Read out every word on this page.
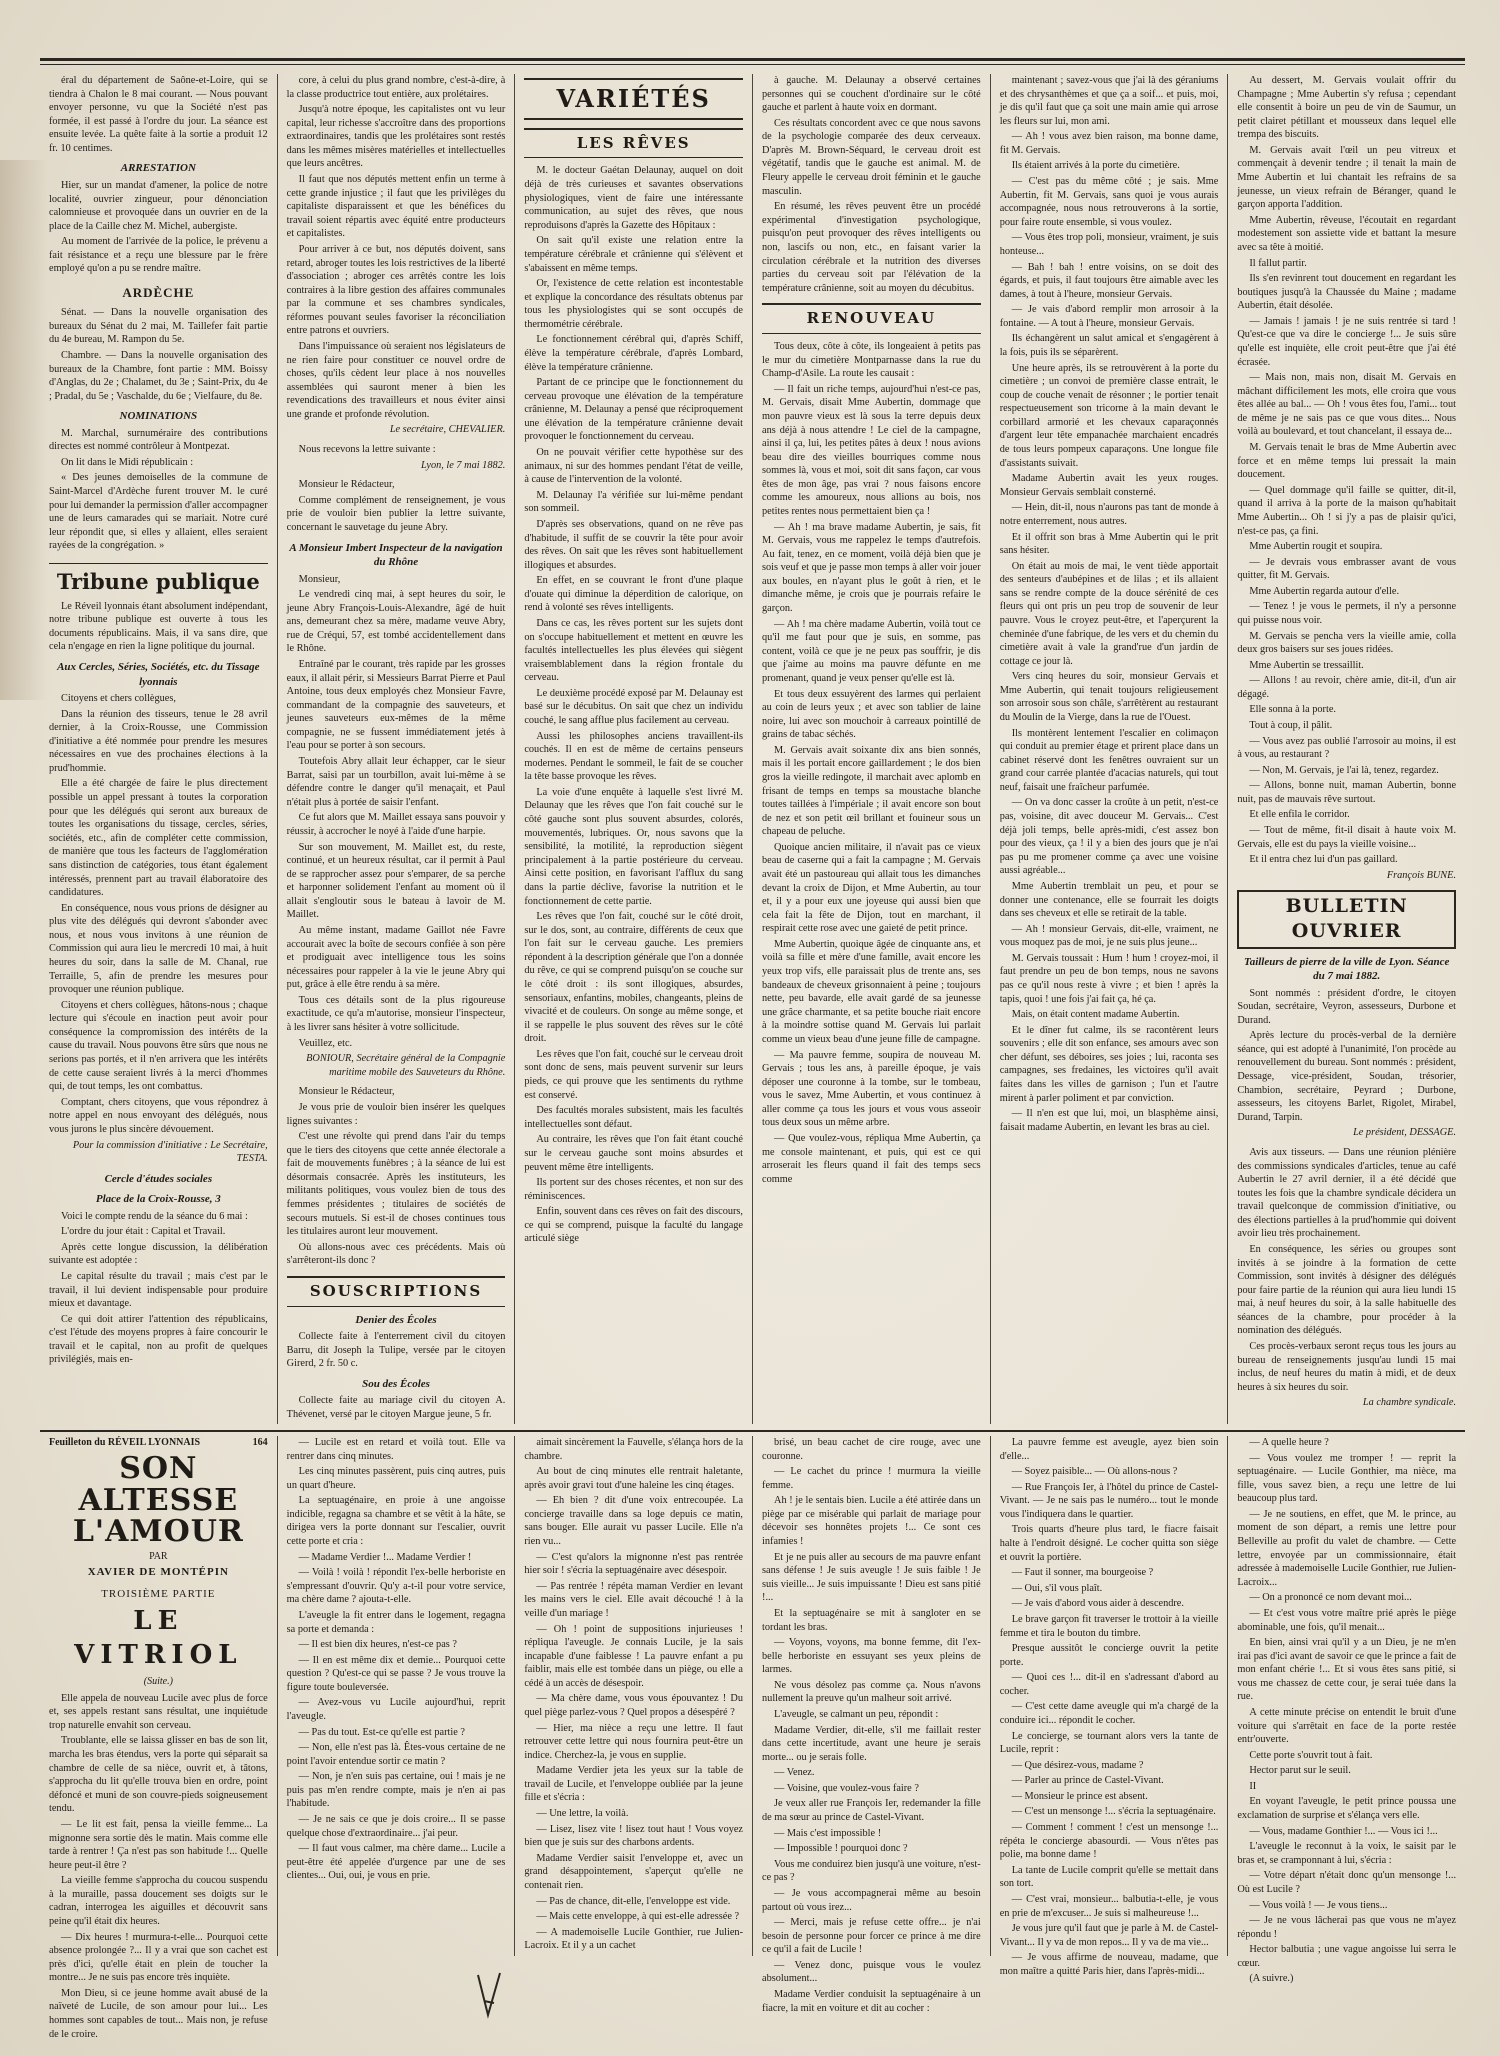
éral du département de Saône-et-Loire, qui se tiendra à Chalon le 8 mai courant. — Nous pouvant envoyer personne, vu que la Société n'est pas formée, il est passé à l'ordre du jour. La séance est ensuite levée. La quête faite à la sortie a produit 12 fr. 10 centimes.

ARRESTATION

Hier, sur un mandat d'amener, la police de notre localité, ouvrier zingueur, pour dénonciation calomnieuse et provoquée dans un ouvrier en de la place de la Caille chez M. Michel, aubergiste.

Au moment de l'arrivée de la police, le prévenu a fait résistance et a reçu une blessure par le frère employé qu'on a pu se rendre maître.

ARDÈCHE

Sénat. — Dans la nouvelle organisation des bureaux du Sénat du 2 mai, M. Taillefer fait partie du 4e bureau, M. Rampon du 5e.

Chambre. — Dans la nouvelle organisation des bureaux de la Chambre, font partie : MM. Boissy d'Anglas, du 2e ; Chalamet, du 3e ; Saint-Prix, du 4e ; Pradal, du 5e ; Vaschalde, du 6e ; Vielfaure, du 8e.

NOMINATIONS

M. Marchal, surnuméraire des contributions directes est nommé contrôleur à Montpezat.

On lit dans le Midi républicain :

« Des jeunes demoiselles de la commune de Saint-Marcel d'Ardèche furent trouver M. le curé pour lui demander la permission d'aller accompagner une de leurs camarades qui se mariait. Notre curé leur répondit que, si elles y allaient, elles seraient rayées de la congrégation. »

Tribune publique

Le Réveil lyonnais étant absolument indépendant, notre tribune publique est ouverte à tous les documents républicains. Mais, il va sans dire, que cela n'engage en rien la ligne politique du journal.

Aux Cercles, Séries, Sociétés, etc. du Tissage lyonnais

Citoyens et chers collègues,

Dans la réunion des tisseurs, tenue le 28 avril dernier, à la Croix-Rousse, une Commission d'initiative a été nommée pour prendre les mesures nécessaires en vue des prochaines élections à la prud'hommie.

Elle a été chargée de faire le plus directement possible un appel pressant à toutes la corporation pour que les délégués qui seront aux bureaux de toutes les organisations du tissage, cercles, séries, sociétés, etc., afin de compléter cette commission, de manière que tous les facteurs de l'agglomération sans distinction de catégories, tous étant également intéressés, prennent part au travail élaboratoire des candidatures.

En conséquence, nous vous prions de désigner au plus vite des délégués qui devront s'abonder avec nous, et nous vous invitons à une réunion de Commission qui aura lieu le mercredi 10 mai, à huit heures du soir, dans la salle de M. Chanal, rue Terraille, 5, afin de prendre les mesures pour provoquer une réunion publique.

Citoyens et chers collègues, hâtons-nous ; chaque lecture qui s'écoule en inaction peut avoir pour conséquence la compromission des intérêts de la cause du travail. Nous pouvons être sûrs que nous ne serions pas portés, et il n'en arrivera que les intérêts de cette cause seraient livrés à la merci d'hommes qui, de tout temps, les ont combattus.

Comptant, chers citoyens, que vous répondrez à notre appel en nous envoyant des délégués, nous vous jurons le plus sincère dévouement.

Pour la commission d'initiative : Le Secrétaire, TESTA.
Cercle d'études sociales
Place de la Croix-Rousse, 3

Voici le compte rendu de la séance du 6 mai :

L'ordre du jour était : Capital et Travail.

Après cette longue discussion, la délibération suivante est adoptée :

Le capital résulte du travail ; mais c'est par le travail, il lui devient indispensable pour produire mieux et davantage.

Ce qui doit attirer l'attention des républicains, c'est l'étude des moyens propres à faire concourir le travail et le capital, non au profit de quelques privilégiés, mais en-

core, à celui du plus grand nombre, c'est-à-dire, à la classe productrice tout entière, aux prolétaires.

Jusqu'à notre époque, les capitalistes ont vu leur capital, leur richesse s'accroître dans des proportions extraordinaires, tandis que les prolétaires sont restés dans les mêmes misères matérielles et intellectuelles que leurs ancêtres.

Il faut que nos députés mettent enfin un terme à cette grande injustice ; il faut que les privilèges du capitaliste disparaissent et que les bénéfices du travail soient répartis avec équité entre producteurs et capitalistes.

Pour arriver à ce but, nos députés doivent, sans retard, abroger toutes les lois restrictives de la liberté d'association ; abroger ces arrêtés contre les lois contraires à la libre gestion des affaires communales par la commune et ses chambres syndicales, réformes pouvant seules favoriser la réconciliation entre patrons et ouvriers.

Dans l'impuissance où seraient nos législateurs de ne rien faire pour constituer ce nouvel ordre de choses, qu'ils cèdent leur place à nos nouvelles assemblées qui sauront mener à bien les revendications des travailleurs et nous éviter ainsi une grande et profonde révolution.

Le secrétaire, CHEVALIER.

Nous recevons la lettre suivante :

Lyon, le 7 mai 1882.

Monsieur le Rédacteur,

Comme complément de renseignement, je vous prie de vouloir bien publier la lettre suivante, concernant le sauvetage du jeune Abry.

A Monsieur Imbert Inspecteur de la navigation du Rhône

Monsieur,

Le vendredi cinq mai, à sept heures du soir, le jeune Abry François-Louis-Alexandre, âgé de huit ans, demeurant chez sa mère, madame veuve Abry, rue de Créqui, 57, est tombé accidentellement dans le Rhône.

Entraîné par le courant, très rapide par les grosses eaux, il allait périr, si Messieurs Barrat Pierre et Paul Antoine, tous deux employés chez Monsieur Favre, commandant de la compagnie des sauveteurs, et jeunes sauveteurs eux-mêmes de la même compagnie, ne se fussent immédiatement jetés à l'eau pour se porter à son secours.

Toutefois Abry allait leur échapper, car le sieur Barrat, saisi par un tourbillon, avait lui-même à se défendre contre le danger qu'il menaçait, et Paul n'était plus à portée de saisir l'enfant.

Ce fut alors que M. Maillet essaya sans pouvoir y réussir, à accrocher le noyé à l'aide d'une harpie.

Sur son mouvement, M. Maillet est, du reste, continué, et un heureux résultat, car il permit à Paul de se rapprocher assez pour s'emparer, de sa perche et harponner solidement l'enfant au moment où il allait s'engloutir sous le bateau à lavoir de M. Maillet.

Au même instant, madame Gaillot née Favre accourait avec la boîte de secours confiée à son père et prodiguait avec intelligence tous les soins nécessaires pour rappeler à la vie le jeune Abry qui put, grâce à elle être rendu à sa mère.

Tous ces détails sont de la plus rigoureuse exactitude, ce qu'a m'autorise, monsieur l'inspecteur, à les livrer sans hésiter à votre sollicitude.

Veuillez, etc.

BONIOUR, Secrétaire général de la Compagnie maritime mobile des Sauveteurs du Rhône.

Monsieur le Rédacteur,

Je vous prie de vouloir bien insérer les quelques lignes suivantes :

C'est une révolte qui prend dans l'air du temps que le tiers des citoyens que cette année électorale a fait de mouvements funèbres ; à la séance de lui est désormais consacrée. Après les instituteurs, les militants politiques, vous voulez bien de tous des femmes présidentes ; titulaires de sociétés de secours mutuels. Si est-il de choses continues tous les titulaires auront leur mouvement.

Où allons-nous avec ces précédents. Mais où s'arrêteront-ils donc ?

SOUSCRIPTIONS
Denier des Écoles

Collecte faite à l'enterrement civil du citoyen Barru, dit Joseph la Tulipe, versée par le citoyen Girerd, 2 fr. 50 c.

Sou des Écoles

Collecte faite au mariage civil du citoyen A. Thévenet, versé par le citoyen Margue jeune, 5 fr.

VARIÉTÉS
LES RÊVES

M. le docteur Gaétan Delaunay, auquel on doit déjà de très curieuses et savantes observations physiologiques, vient de faire une intéressante communication, au sujet des rêves, que nous reproduisons d'après la Gazette des Hôpitaux :

On sait qu'il existe une relation entre la température cérébrale et crânienne qui s'élèvent et s'abaissent en même temps.

Or, l'existence de cette relation est incontestable et explique la concordance des résultats obtenus par tous les physiologistes qui se sont occupés de thermométrie cérébrale.

Le fonctionnement cérébral qui, d'après Schiff, élève la température cérébrale, d'après Lombard, élève la température crânienne.

Partant de ce principe que le fonctionnement du cerveau provoque une élévation de la température crânienne, M. Delaunay a pensé que réciproquement une élévation de la température crânienne devait provoquer le fonctionnement du cerveau.

On ne pouvait vérifier cette hypothèse sur des animaux, ni sur des hommes pendant l'état de veille, à cause de l'intervention de la volonté.

M. Delaunay l'a vérifiée sur lui-même pendant son sommeil.

D'après ses observations, quand on ne rêve pas d'habitude, il suffit de se couvrir la tête pour avoir des rêves. On sait que les rêves sont habituellement illogiques et absurdes.

En effet, en se couvrant le front d'une plaque d'ouate qui diminue la déperdition de calorique, on rend à volonté ses rêves intelligents.

Dans ce cas, les rêves portent sur les sujets dont on s'occupe habituellement et mettent en œuvre les facultés intellectuelles les plus élevées qui siègent vraisemblablement dans la région frontale du cerveau.

Le deuxième procédé exposé par M. Delaunay est basé sur le décubitus. On sait que chez un individu couché, le sang afflue plus facilement au cerveau.

Aussi les philosophes anciens travaillent-ils couchés. Il en est de même de certains penseurs modernes. Pendant le sommeil, le fait de se coucher la tête basse provoque les rêves.

La voie d'une enquête à laquelle s'est livré M. Delaunay que les rêves que l'on fait couché sur le côté gauche sont plus souvent absurdes, colorés, mouvementés, lubriques. Or, nous savons que la sensibilité, la motilité, la reproduction siègent principalement à la partie postérieure du cerveau. Ainsi cette position, en favorisant l'afflux du sang dans la partie déclive, favorise la nutrition et le fonctionnement de cette partie.

Les rêves que l'on fait, couché sur le côté droit, sur le dos, sont, au contraire, différents de ceux que l'on fait sur le cerveau gauche. Les premiers répondent à la description générale que l'on a donnée du rêve, ce qui se comprend puisqu'on se couche sur le côté droit : ils sont illogiques, absurdes, sensoriaux, enfantins, mobiles, changeants, pleins de vivacité et de couleurs. On songe au même songe, et il se rappelle le plus souvent des rêves sur le côté droit.

Les rêves que l'on fait, couché sur le cerveau droit sont donc de sens, mais peuvent survenir sur leurs pieds, ce qui prouve que les sentiments du rythme est conservé.

Des facultés morales subsistent, mais les facultés intellectuelles sont défaut.

Au contraire, les rêves que l'on fait étant couché sur le cerveau gauche sont moins absurdes et peuvent même être intelligents.

Ils portent sur des choses récentes, et non sur des réminiscences.

Enfin, souvent dans ces rêves on fait des discours, ce qui se comprend, puisque la faculté du langage articulé siège

à gauche. M. Delaunay a observé certaines personnes qui se couchent d'ordinaire sur le côté gauche et parlent à haute voix en dormant.

Ces résultats concordent avec ce que nous savons de la psychologie comparée des deux cerveaux. D'après M. Brown-Séquard, le cerveau droit est végétatif, tandis que le gauche est animal. M. de Fleury appelle le cerveau droit féminin et le gauche masculin.

En résumé, les rêves peuvent être un procédé expérimental d'investigation psychologique, puisqu'on peut provoquer des rêves intelligents ou non, lascifs ou non, etc., en faisant varier la circulation cérébrale et la nutrition des diverses parties du cerveau soit par l'élévation de la température crânienne, soit au moyen du décubitus.

RENOUVEAU

Tous deux, côte à côte, ils longeaient à petits pas le mur du cimetière Montparnasse dans la rue du Champ-d'Asile. La route les causait :

— Il fait un riche temps, aujourd'hui n'est-ce pas, M. Gervais, disait Mme Aubertin, dommage que mon pauvre vieux est là sous la terre depuis deux ans déjà à nous attendre ! Le ciel de la campagne, ainsi il ça, lui, les petites pâtes à deux ! nous avions beau dire des vieilles bourriques comme nous sommes là, vous et moi, soit dit sans façon, car vous êtes de mon âge, pas vrai ? nous faisons encore comme les amoureux, nous allions au bois, nos petites rentes nous permettaient bien ça !

— Ah ! ma brave madame Aubertin, je sais, fit M. Gervais, vous me rappelez le temps d'autrefois. Au fait, tenez, en ce moment, voilà déjà bien que je sois veuf et que je passe mon temps à aller voir jouer aux boules, en n'ayant plus le goût à rien, et le dimanche même, je crois que je pourrais refaire le garçon.

— Ah ! ma chère madame Aubertin, voilà tout ce qu'il me faut pour que je suis, en somme, pas content, voilà ce que je ne peux pas souffrir, je dis que j'aime au moins ma pauvre défunte en me promenant, quand je veux penser qu'elle est là.

Et tous deux essuyèrent des larmes qui perlaient au coin de leurs yeux ; et avec son tablier de laine noire, lui avec son mouchoir à carreaux pointillé de grains de tabac séchés.

M. Gervais avait soixante dix ans bien sonnés, mais il les portait encore gaillardement ; le dos bien gros la vieille redingote, il marchait avec aplomb en frisant de temps en temps sa moustache blanche toutes taillées à l'impériale ; il avait encore son bout de nez et son petit œil brillant et fouineur sous un chapeau de peluche.

Quoique ancien militaire, il n'avait pas ce vieux beau de caserne qui a fait la campagne ; M. Gervais avait été un pastoureau qui allait tous les dimanches devant la croix de Dijon, et Mme Aubertin, au tour et, il y a pour eux une joyeuse qui aussi bien que cela fait la fête de Dijon, tout en marchant, il respirait cette rose avec une gaieté de petit prince.

Mme Aubertin, quoique âgée de cinquante ans, et voilà sa fille et mère d'une famille, avait encore les yeux trop vifs, elle paraissait plus de trente ans, ses bandeaux de cheveux grisonnaient à peine ; toujours nette, peu bavarde, elle avait gardé de sa jeunesse une grâce charmante, et sa petite bouche riait encore à la moindre sottise quand M. Gervais lui parlait comme un vieux beau d'une jeune fille de campagne.

— Ma pauvre femme, soupira de nouveau M. Gervais ; tous les ans, à pareille époque, je vais déposer une couronne à la tombe, sur le tombeau, vous le savez, Mme Aubertin, et vous continuez à aller comme ça tous les jours et vous vous asseoir tous deux sous un même arbre.

— Que voulez-vous, répliqua Mme Aubertin, ça me console maintenant, et puis, qui est ce qui arroserait les fleurs quand il fait des temps secs comme

maintenant ; savez-vous que j'ai là des géraniums et des chrysanthèmes et que ça a soif... et puis, moi, je dis qu'il faut que ça soit une main amie qui arrose les fleurs sur lui, mon ami.

— Ah ! vous avez bien raison, ma bonne dame, fit M. Gervais.

Ils étaient arrivés à la porte du cimetière.

— C'est pas du même côté ; je sais. Mme Aubertin, fit M. Gervais, sans quoi je vous aurais accompagnée, nous nous retrouverons à la sortie, pour faire route ensemble, si vous voulez.

— Vous êtes trop poli, monsieur, vraiment, je suis honteuse...

— Bah ! bah ! entre voisins, on se doit des égards, et puis, il faut toujours être aimable avec les dames, à tout à l'heure, monsieur Gervais.

— Je vais d'abord remplir mon arrosoir à la fontaine. — A tout à l'heure, monsieur Gervais.

Ils échangèrent un salut amical et s'engagèrent à la fois, puis ils se séparèrent.

Une heure après, ils se retrouvèrent à la porte du cimetière ; un convoi de première classe entrait, le coup de couche venait de résonner ; le portier tenait respectueusement son tricorne à la main devant le corbillard armorié et les chevaux caparaçonnés d'argent leur tête empanachée marchaient encadrés de tous leurs pompeux caparaçons. Une longue file d'assistants suivait.

Madame Aubertin avait les yeux rouges. Monsieur Gervais semblait consterné.

— Hein, dit-il, nous n'aurons pas tant de monde à notre enterrement, nous autres.

Et il offrit son bras à Mme Aubertin qui le prit sans hésiter.

On était au mois de mai, le vent tiède apportait des senteurs d'aubépines et de lilas ; et ils allaient sans se rendre compte de la douce sérénité de ces fleurs qui ont pris un peu trop de souvenir de leur pauvre. Vous le croyez peut-être, et l'aperçurent la cheminée d'une fabrique, de les vers et du chemin du cimetière avait à vale la grand'rue d'un jardin de cottage ce jour là.

Vers cinq heures du soir, monsieur Gervais et Mme Aubertin, qui tenait toujours religieusement son arrosoir sous son châle, s'arrêtèrent au restaurant du Moulin de la Vierge, dans la rue de l'Ouest.

Ils montèrent lentement l'escalier en colimaçon qui conduit au premier étage et prirent place dans un cabinet réservé dont les fenêtres ouvraient sur un grand cour carrée plantée d'acacias naturels, qui tout neuf, faisait une fraîcheur parfumée.

— On va donc casser la croûte à un petit, n'est-ce pas, voisine, dit avec douceur M. Gervais... C'est déjà joli temps, belle après-midi, c'est assez bon pour des vieux, ça ! il y a bien des jours que je n'ai pas pu me promener comme ça avec une voisine aussi agréable...

Mme Aubertin tremblait un peu, et pour se donner une contenance, elle se fourrait les doigts dans ses cheveux et elle se retirait de la table.

— Ah ! monsieur Gervais, dit-elle, vraiment, ne vous moquez pas de moi, je ne suis plus jeune...

M. Gervais toussait : Hum ! hum ! croyez-moi, il faut prendre un peu de bon temps, nous ne savons pas ce qu'il nous reste à vivre ; et bien ! après la tapis, quoi ! une fois j'ai fait ça, hé ça.

Mais, on était content madame Aubertin.

Et le dîner fut calme, ils se racontèrent leurs souvenirs ; elle dit son enfance, ses amours avec son cher défunt, ses déboires, ses joies ; lui, raconta ses campagnes, ses fredaines, les victoires qu'il avait faites dans les villes de garnison ; l'un et l'autre mirent à parler poliment et par conviction.

— Il n'en est que lui, moi, un blasphème ainsi, faisait madame Aubertin, en levant les bras au ciel.

Au dessert, M. Gervais voulait offrir du Champagne ; Mme Aubertin s'y refusa ; cependant elle consentit à boire un peu de vin de Saumur, un petit clairet pétillant et mousseux dans lequel elle trempa des biscuits.

M. Gervais avait l'œil un peu vitreux et commençait à devenir tendre ; il tenait la main de Mme Aubertin et lui chantait les refrains de sa jeunesse, un vieux refrain de Béranger, quand le garçon apporta l'addition.

Mme Aubertin, rêveuse, l'écoutait en regardant modestement son assiette vide et battant la mesure avec sa tête à moitié.

Il fallut partir.

Ils s'en revinrent tout doucement en regardant les boutiques jusqu'à la Chaussée du Maine ; madame Aubertin, était désolée.

— Jamais ! jamais ! je ne suis rentrée si tard ! Qu'est-ce que va dire le concierge !... Je suis sûre qu'elle est inquiète, elle croit peut-être que j'ai été écrasée.

— Mais non, mais non, disait M. Gervais en mâchant difficilement les mots, elle croira que vous êtes allée au bal... — Oh ! vous êtes fou, l'ami... tout de même je ne sais pas ce que vous dites... Nous voilà au boulevard, et tout chancelant, il essaya de...

M. Gervais tenait le bras de Mme Aubertin avec force et en même temps lui pressait la main doucement.

— Quel dommage qu'il faille se quitter, dit-il, quand il arriva à la porte de la maison qu'habitait Mme Aubertin... Oh ! si j'y a pas de plaisir qu'ici, n'est-ce pas, ça fini.

Mme Aubertin rougit et soupira.

— Je devrais vous embrasser avant de vous quitter, fit M. Gervais.

Mme Aubertin regarda autour d'elle.

— Tenez ! je vous le permets, il n'y a personne qui puisse nous voir.

M. Gervais se pencha vers la vieille amie, colla deux gros baisers sur ses joues ridées.

Mme Aubertin se tressaillit.

— Allons ! au revoir, chère amie, dit-il, d'un air dégagé.

Elle sonna à la porte.

Tout à coup, il pâlit.

— Vous avez pas oublié l'arrosoir au moins, il est à vous, au restaurant ?

— Non, M. Gervais, je l'ai là, tenez, regardez.

— Allons, bonne nuit, maman Aubertin, bonne nuit, pas de mauvais rêve surtout.

Et elle enfila le corridor.

— Tout de même, fit-il disait à haute voix M. Gervais, elle est du pays la vieille voisine...

Et il entra chez lui d'un pas gaillard.

François BUNE.
BULLETIN OUVRIER
Tailleurs de pierre de la ville de Lyon. Séance du 7 mai 1882.

Sont nommés : président d'ordre, le citoyen Soudan, secrétaire, Veyron, assesseurs, Durbone et Durand.

Après lecture du procès-verbal de la dernière séance, qui est adopté à l'unanimité, l'on procède au renouvellement du bureau. Sont nommés : président, Dessage, vice-président, Soudan, trésorier, Chambion, secrétaire, Peyrard ; Durbone, assesseurs, les citoyens Barlet, Rigolet, Mirabel, Durand, Tarpin.

Le président, DESSAGE.

Avis aux tisseurs. — Dans une réunion plénière des commissions syndicales d'articles, tenue au café Aubertin le 27 avril dernier, il a été décidé que toutes les fois que la chambre syndicale décidera un travail quelconque de commission d'initiative, ou des élections partielles à la prud'hommie qui doivent avoir lieu très prochainement.

En conséquence, les séries ou groupes sont invités à se joindre à la formation de cette Commission, sont invités à désigner des délégués pour faire partie de la réunion qui aura lieu lundi 15 mai, à neuf heures du soir, à la salle habituelle des séances de la chambre, pour procéder à la nomination des délégués.

Ces procès-verbaux seront reçus tous les jours au bureau de renseignements jusqu'au lundi 15 mai inclus, de neuf heures du matin à midi, et de deux heures à six heures du soir.

La chambre syndicale.
Feuilleton du RÉVEIL LYONNAIS	164
SON ALTESSE L'AMOUR
PAR
XAVIER DE MONTÉPIN
TROISIÈME PARTIE
LE VITRIOL
(Suite.)

Elle appela de nouveau Lucile avec plus de force et, ses appels restant sans résultat, une inquiétude trop naturelle envahit son cerveau.

Troublante, elle se laissa glisser en bas de son lit, marcha les bras étendus, vers la porte qui séparait sa chambre de celle de sa nièce, ouvrit et, à tâtons, s'approcha du lit qu'elle trouva bien en ordre, point défoncé et muni de son couvre-pieds soigneusement tendu.

— Le lit est fait, pensa la vieille femme... La mignonne sera sortie dès le matin. Mais comme elle tarde à rentrer ! Ça n'est pas son habitude !... Quelle heure peut-il être ?

La vieille femme s'approcha du coucou suspendu à la muraille, passa doucement ses doigts sur le cadran, interrogea les aiguilles et découvrit sans peine qu'il était dix heures.

— Dix heures ! murmura-t-elle... Pourquoi cette absence prolongée ?... Il y a vrai que son cachet est près d'ici, qu'elle était en plein de toucher la montre... Je ne suis pas encore très inquiète.

Mon Dieu, si ce jeune homme avait abusé de la naïveté de Lucile, de son amour pour lui... Les hommes sont capables de tout... Mais non, je refuse de le croire.

— Lucile est en retard et voilà tout. Elle va rentrer dans cinq minutes.

Les cinq minutes passèrent, puis cinq autres, puis un quart d'heure.

La septuagénaire, en proie à une angoisse indicible, regagna sa chambre et se vêtit à la hâte, se dirigea vers la porte donnant sur l'escalier, ouvrit cette porte et cria :

— Madame Verdier !... Madame Verdier !

— Voilà ! voilà ! répondit l'ex-belle herboriste en s'empressant d'ouvrir. Qu'y a-t-il pour votre service, ma chère dame ? ajouta-t-elle.

L'aveugle la fit entrer dans le logement, regagna sa porte et demanda :

— Il est bien dix heures, n'est-ce pas ?

— Il en est même dix et demie... Pourquoi cette question ? Qu'est-ce qui se passe ? Je vous trouve la figure toute bouleversée.

— Avez-vous vu Lucile aujourd'hui, reprit l'aveugle.

— Pas du tout. Est-ce qu'elle est partie ?

— Non, elle n'est pas là. Êtes-vous certaine de ne point l'avoir entendue sortir ce matin ?

— Non, je n'en suis pas certaine, oui ! mais je ne puis pas m'en rendre compte, mais je n'en ai pas l'habitude.

— Je ne sais ce que je dois croire... Il se passe quelque chose d'extraordinaire... j'ai peur.

— Il faut vous calmer, ma chère dame... Lucile a peut-être été appelée d'urgence par une de ses clientes... Oui, oui, je vous en prie.

aimait sincèrement la Fauvelle, s'élança hors de la chambre.

Au bout de cinq minutes elle rentrait haletante, après avoir gravi tout d'une haleine les cinq étages.

— Eh bien ? dit d'une voix entrecoupée. La concierge travaille dans sa loge depuis ce matin, sans bouger. Elle aurait vu passer Lucile. Elle n'a rien vu...

— C'est qu'alors la mignonne n'est pas rentrée hier soir ! s'écria la septuagénaire avec désespoir.

— Pas rentrée ! répéta maman Verdier en levant les mains vers le ciel. Elle avait découché ! à la veille d'un mariage !

— Oh ! point de suppositions injurieuses ! répliqua l'aveugle. Je connais Lucile, je la sais incapable d'une faiblesse ! La pauvre enfant a pu faiblir, mais elle est tombée dans un piège, ou elle a cédé à un accès de désespoir.

— Ma chère dame, vous vous épouvantez ! Du quel piège parlez-vous ? Quel propos a désespéré ?

— Hier, ma nièce a reçu une lettre. Il faut retrouver cette lettre qui nous fournira peut-être un indice. Cherchez-la, je vous en supplie.

Madame Verdier jeta les yeux sur la table de travail de Lucile, et l'enveloppe oubliée par la jeune fille et s'écria :

— Une lettre, la voilà.

— Lisez, lisez vite ! lisez tout haut ! Vous voyez bien que je suis sur des charbons ardents.

Madame Verdier saisit l'enveloppe et, avec un grand désappointement, s'aperçut qu'elle ne contenait rien.

— Pas de chance, dit-elle, l'enveloppe est vide.

— Mais cette enveloppe, à qui est-elle adressée ?

— A mademoiselle Lucile Gonthier, rue Julien-Lacroix. Et il y a un cachet

brisé, un beau cachet de cire rouge, avec une couronne.

— Le cachet du prince ! murmura la vieille femme.

Ah ! je le sentais bien. Lucile a été attirée dans un piège par ce misérable qui parlait de mariage pour décevoir ses honnêtes projets !... Ce sont ces infamies !

Et je ne puis aller au secours de ma pauvre enfant sans défense ! Je suis aveugle ! Je suis faible ! Je suis vieille... Je suis impuissante ! Dieu est sans pitié !...

Et la septuagénaire se mit à sangloter en se tordant les bras.

— Voyons, voyons, ma bonne femme, dit l'ex-belle herboriste en essuyant ses yeux pleins de larmes.

Ne vous désolez pas comme ça. Nous n'avons nullement la preuve qu'un malheur soit arrivé.

L'aveugle, se calmant un peu, répondit :

Madame Verdier, dit-elle, s'il me faillait rester dans cette incertitude, avant une heure je serais morte... ou je serais folle.

— Venez.

— Voisine, que voulez-vous faire ?

Je veux aller rue François Ier, redemander la fille de ma sœur au prince de Castel-Vivant.

— Mais c'est impossible !

— Impossible ! pourquoi donc ?

Vous me conduirez bien jusqu'à une voiture, n'est-ce pas ?

— Je vous accompagnerai même au besoin partout où vous irez...

— Merci, mais je refuse cette offre... je n'ai besoin de personne pour forcer ce prince à me dire ce qu'il a fait de Lucile !

— Venez donc, puisque vous le voulez absolument...

Madame Verdier conduisit la septuagénaire à un fiacre, la mit en voiture et dit au cocher :

La pauvre femme est aveugle, ayez bien soin d'elle...

— Soyez paisible... — Où allons-nous ?

— Rue François Ier, à l'hôtel du prince de Castel-Vivant. — Je ne sais pas le numéro... tout le monde vous l'indiquera dans le quartier.

Trois quarts d'heure plus tard, le fiacre faisait halte à l'endroit désigné. Le cocher quitta son siège et ouvrit la portière.

— Faut il sonner, ma bourgeoise ?

— Oui, s'il vous plaît.

— Je vais d'abord vous aider à descendre.

Le brave garçon fit traverser le trottoir à la vieille femme et tira le bouton du timbre.

Presque aussitôt le concierge ouvrit la petite porte.

— Quoi ces !... dit-il en s'adressant d'abord au cocher.

— C'est cette dame aveugle qui m'a chargé de la conduire ici... répondit le cocher.

Le concierge, se tournant alors vers la tante de Lucile, reprit :

— Que désirez-vous, madame ?

— Parler au prince de Castel-Vivant.

— Monsieur le prince est absent.

— C'est un mensonge !... s'écria la septuagénaire.

— Comment ! comment ! c'est un mensonge !... répéta le concierge abasourdi. — Vous n'êtes pas polie, ma bonne dame !

La tante de Lucile comprit qu'elle se mettait dans son tort.

— C'est vrai, monsieur... balbutia-t-elle, je vous en prie de m'excuser... Je suis si malheureuse !...

Je vous jure qu'il faut que je parle à M. de Castel-Vivant... Il y va de mon repos... Il y va de ma vie...

— Je vous affirme de nouveau, madame, que mon maître a quitté Paris hier, dans l'après-midi...

— A quelle heure ?

— Vous voulez me tromper ! — reprit la septuagénaire. — Lucile Gonthier, ma nièce, ma fille, vous savez bien, a reçu une lettre de lui beaucoup plus tard.

— Je ne soutiens, en effet, que M. le prince, au moment de son départ, a remis une lettre pour Belleville au profit du valet de chambre. — Cette lettre, envoyée par un commissionnaire, était adressée à mademoiselle Lucile Gonthier, rue Julien-Lacroix...

— On a prononcé ce nom devant moi...

— Et c'est vous votre maître prié après le piège abominable, une fois, qu'il menait...

En bien, ainsi vrai qu'il y a un Dieu, je ne m'en irai pas d'ici avant de savoir ce que le prince a fait de mon enfant chérie !... Et si vous êtes sans pitié, si vous me chassez de cette cour, je serai tuée dans la rue.

A cette minute précise on entendit le bruit d'une voiture qui s'arrêtait en face de la porte restée entr'ouverte.

Cette porte s'ouvrit tout à fait.

Hector parut sur le seuil.

II

En voyant l'aveugle, le petit prince poussa une exclamation de surprise et s'élança vers elle.

— Vous, madame Gonthier !... — Vous ici !...

L'aveugle le reconnut à la voix, le saisit par le bras et, se cramponnant à lui, s'écria :

— Votre départ n'était donc qu'un mensonge !... Où est Lucile ?

— Vous voilà ! — Je vous tiens...

— Je ne vous lâcherai pas que vous ne m'ayez répondu !

Hector balbutia ; une vague angoisse lui serra le cœur.

(A suivre.)
